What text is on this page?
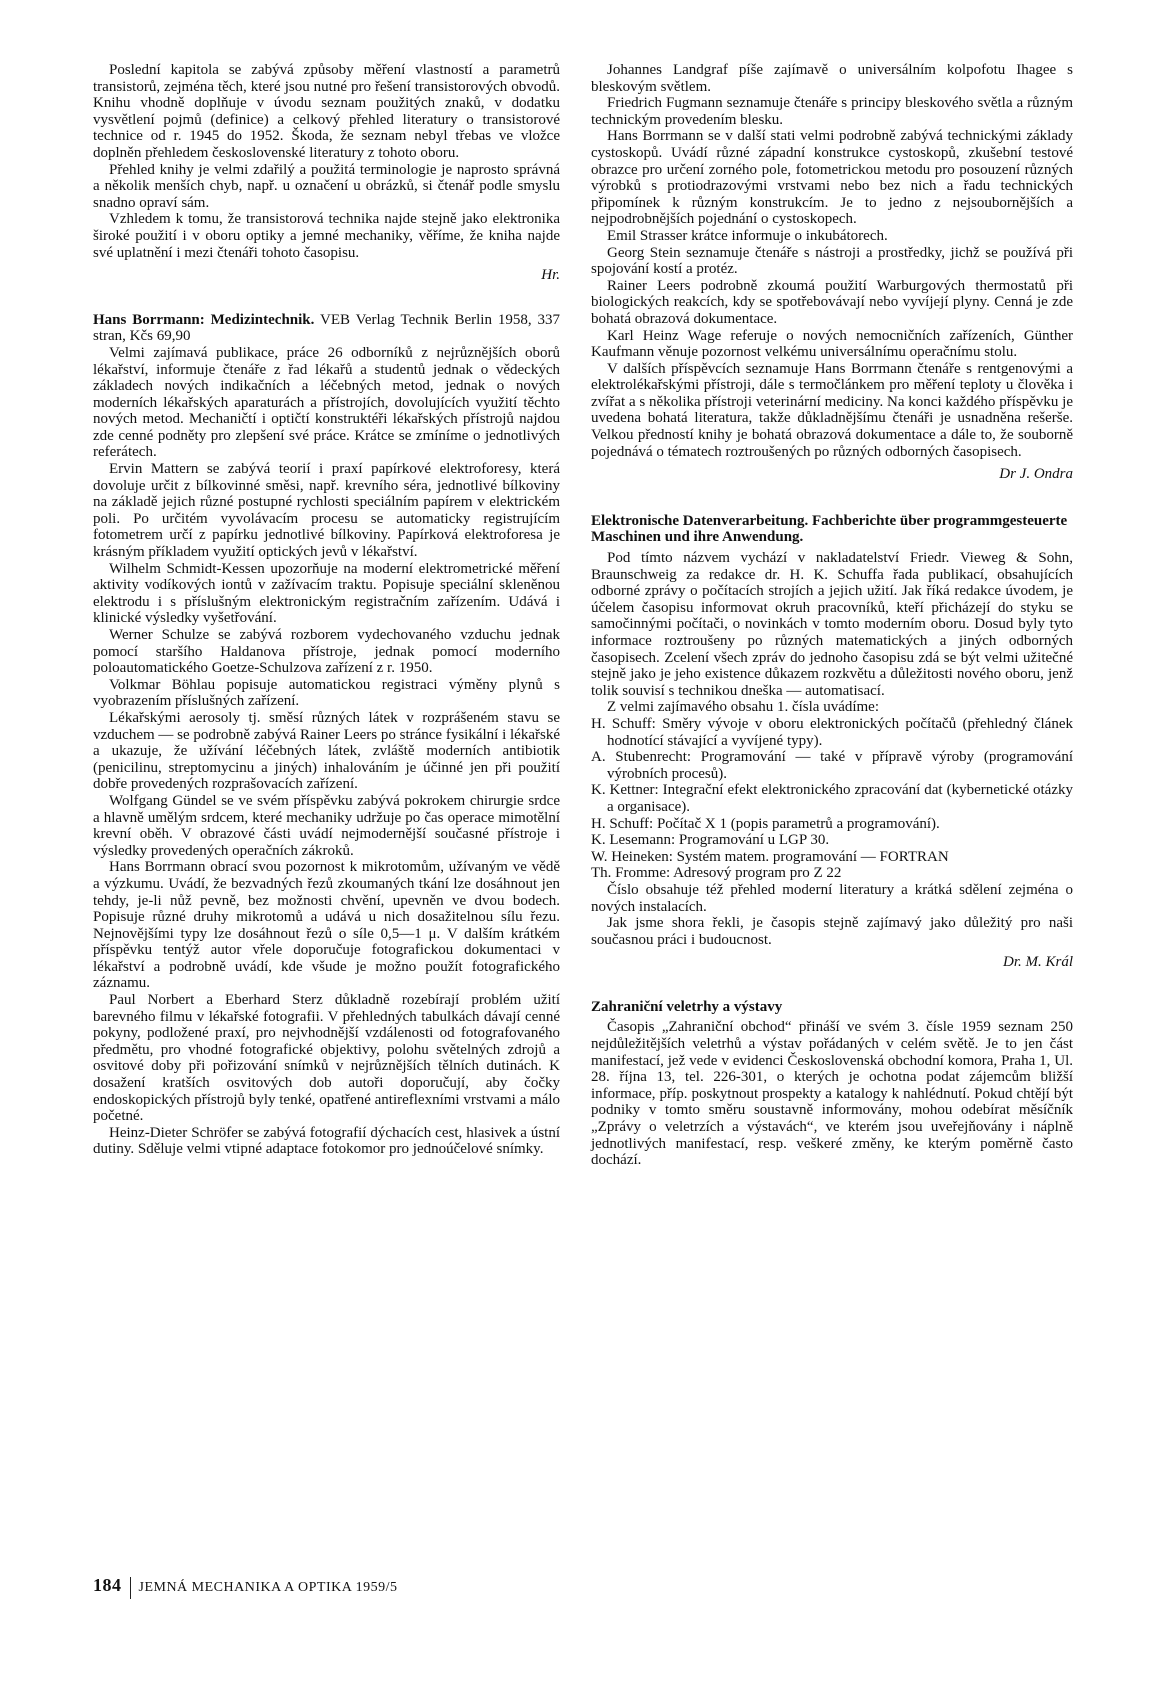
Poslední kapitola se zabývá způsoby měření vlastností a parametrů transistorů, zejména těch, které jsou nutné pro řešení transistorových obvodů. Knihu vhodně doplňuje v úvodu seznam použitých znaků, v dodatku vysvětlení pojmů (definice) a celkový přehled literatury o transistorové technice od r. 1945 do 1952. Škoda, že seznam nebyl třebas ve vložce doplněn přehledem československé literatury z tohoto oboru.

Přehled knihy je velmi zdařilý a použitá terminologie je naprosto správná a několik menších chyb, např. u označení u obrázků, si čtenář podle smyslu snadno opraví sám.

Vzhledem k tomu, že transistorová technika najde stejně jako elektronika široké použití i v oboru optiky a jemné mechaniky, věříme, že kniha najde své uplatnění i mezi čtenáři tohoto časopisu.

Hr.

Hans Borrmann: Medizintechnik. VEB Verlag Technik Berlin 1958, 337 stran, Kčs 69,90

Velmi zajímavá publikace, práce 26 odborníků z nejrůznějších oborů lékařství, informuje čtenáře z řad lékařů a studentů jednak o vědeckých základech nových indikačních a léčebných metod, jednak o nových moderních lékařských aparaturách a přístrojích, dovolujících využití těchto nových metod. Mechaničtí i optičtí konstruktéři lékařských přístrojů najdou zde cenné podněty pro zlepšení své práce. Krátce se zmíníme o jednotlivých referátech.

Ervin Mattern se zabývá teorií i praxí papírkové elektroforesy, která dovoluje určit z bílkovinné směsi, např. krevního séra, jednotlivé bílkoviny na základě jejich různé postupné rychlosti speciálním papírem v elektrickém poli. Po určitém vyvolávacím procesu se automaticky registrujícím fotometrem určí z papírku jednotlivé bílkoviny. Papírková elektroforesa je krásným příkladem využití optických jevů v lékařství.

Wilhelm Schmidt-Kessen upozorňuje na moderní elektrometrické měření aktivity vodíkových iontů v zažívacím traktu. Popisuje speciální skleněnou elektrodu i s příslušným elektronickým registračním zařízením. Udává i klinické výsledky vyšetřování.

Werner Schulze se zabývá rozborem vydechovaného vzduchu jednak pomocí staršího Haldanova přístroje, jednak pomocí moderního poloautomatického Goetze-Schulzova zařízení z r. 1950.

Volkmar Böhlau popisuje automatickou registraci výměny plynů s vyobrazením příslušných zařízení.

Lékařskými aerosoly tj. směsí různých látek v rozprášeném stavu se vzduchem — se podrobně zabývá Rainer Leers po stránce fysikální i lékařské a ukazuje, že užívání léčebných látek, zvláště moderních antibiotik (penicilinu, streptomycinu a jiných) inhalováním je účinné jen při použití dobře provedených rozprašovacích zařízení.

Wolfgang Gündel se ve svém příspěvku zabývá pokrokem chirurgie srdce a hlavně umělým srdcem, které mechaniky udržuje po čas operace mimotělní krevní oběh. V obrazové části uvádí nejmodernější současné přístroje i výsledky provedených operačních zákroků.

Hans Borrmann obrací svou pozornost k mikrotomům, užívaným ve vědě a výzkumu. Uvádí, že bezvadných řezů zkoumaných tkání lze dosáhnout jen tehdy, je-li nůž pevně, bez možnosti chvění, upevněn ve dvou bodech. Popisuje různé druhy mikrotomů a udává u nich dosažitelnou sílu řezu. Nejnovějšími typy lze dosáhnout řezů o síle 0,5—1 μ. V dalším krátkém příspěvku tentýž autor vřele doporučuje fotografickou dokumentaci v lékařství a podrobně uvádí, kde všude je možno použít fotografického záznamu.

Paul Norbert a Eberhard Sterz důkladně rozebírají problém užití barevného filmu v lékařské fotografii. V přehledných tabulkách dávají cenné pokyny, podložené praxí, pro nejvhodnější vzdálenosti od fotografovaného předmětu, pro vhodné fotografické objektivy, polohu světelných zdrojů a osvitové doby při pořizování snímků v nejrůznějších tělních dutinách. K dosažení kratších osvitových dob autoři doporučují, aby čočky endoskopických přístrojů byly tenké, opatřené antireflexními vrstvami a málo početné.

Heinz-Dieter Schröfer se zabývá fotografií dýchacích cest, hlasivek a ústní dutiny. Sděluje velmi vtipné adaptace fotokomor pro jednoúčelové snímky.

Johannes Landgraf píše zajímavě o universálním kolpofotu Ihagee s bleskovým světlem.

Friedrich Fugmann seznamuje čtenáře s principy bleskového světla a různým technickým provedením blesku.

Hans Borrmann se v další stati velmi podrobně zabývá technickými základy cystoskopů. Uvádí různé západní konstrukce cystoskopů, zkušební testové obrazce pro určení zorného pole, fotometrickou metodu pro posouzení různých výrobků s protiodrazovými vrstvami nebo bez nich a řadu technických připomínek k různým konstrukcím. Je to jedno z nejsoubornějších a nejpodrobnějších pojednání o cystoskopech.

Emil Strasser krátce informuje o inkubátorech.

Georg Stein seznamuje čtenáře s nástroji a prostředky, jichž se používá při spojování kostí a protéz.

Rainer Leers podrobně zkoumá použití Warburgových thermostatů při biologických reakcích, kdy se spotřebovávají nebo vyvíjejí plyny. Cenná je zde bohatá obrazová dokumentace.

Karl Heinz Wage referuje o nových nemocničních zařízeních, Günther Kaufmann věnuje pozornost velkému universálnímu operačnímu stolu.

V dalších příspěvcích seznamuje Hans Borrmann čtenáře s rentgenovými a elektrolékařskými přístroji, dále s termočlánkem pro měření teploty u člověka i zvířat a s několika přístroji veterinární mediciny. Na konci každého příspěvku je uvedena bohatá literatura, takže důkladnějšímu čtenáři je usnadněna rešerše. Velkou předností knihy je bohatá obrazová dokumentace a dále to, že souborně pojednává o tématech roztroušených po různých odborných časopisech.

Dr J. Ondra

Elektronische Datenverarbeitung. Fachberichte über programmgesteuerte Maschinen und ihre Anwendung.

Pod tímto názvem vychází v nakladatelství Friedr. Vieweg & Sohn, Braunschweig za redakce dr. H. K. Schuffa řada publikací, obsahujících odborné zprávy o počítacích strojích a jejich užití. Jak říká redakce úvodem, je účelem časopisu informovat okruh pracovníků, kteří přicházejí do styku se samočinnými počítači, o novinkách v tomto moderním oboru. Dosud byly tyto informace roztroušeny po různých matematických a jiných odborných časopisech. Zcelení všech zpráv do jednoho časopisu zdá se být velmi užitečné stejně jako je jeho existence důkazem rozkvětu a důležitosti nového oboru, jenž tolik souvisí s technikou dneška — automatisací.

Z velmi zajímavého obsahu 1. čísla uvádíme:

H. Schuff: Směry vývoje v oboru elektronických počítačů (přehledný článek hodnotící stávající a vyvíjené typy).

A. Stubenrecht: Programování — také v přípravě výroby (programování výrobních procesů).

K. Kettner: Integrační efekt elektronického zpracování dat (kybernetické otázky a organisace).

H. Schuff: Počítač X 1 (popis parametrů a programování).

K. Lesemann: Programování u LGP 30.

W. Heineken: Systém matem. programování — FORTRAN

Th. Fromme: Adresový program pro Z 22

Číslo obsahuje též přehled moderní literatury a krátká sdělení zejména o nových instalacích.

Jak jsme shora řekli, je časopis stejně zajímavý jako důležitý pro naši současnou práci i budoucnost.

Dr. M. Král

Zahraniční veletrhy a výstavy

Časopis „Zahraniční obchod“ přináší ve svém 3. čísle 1959 seznam 250 nejdůležitějších veletrhů a výstav pořádaných v celém světě. Je to jen část manifestací, jež vede v evidenci Československá obchodní komora, Praha 1, Ul. 28. října 13, tel. 226-301, o kterých je ochotna podat zájemcům bližší informace, příp. poskytnout prospekty a katalogy k nahlédnutí. Pokud chtějí být podniky v tomto směru soustavně informovány, mohou odebírat měsíčník „Zprávy o veletrzích a výstavách“, ve kterém jsou uveřejňovány i náplně jednotlivých manifestací, resp. veškeré změny, ke kterým poměrně často dochází.

184 JEMNÁ MECHANIKA A OPTIKA 1959/5
